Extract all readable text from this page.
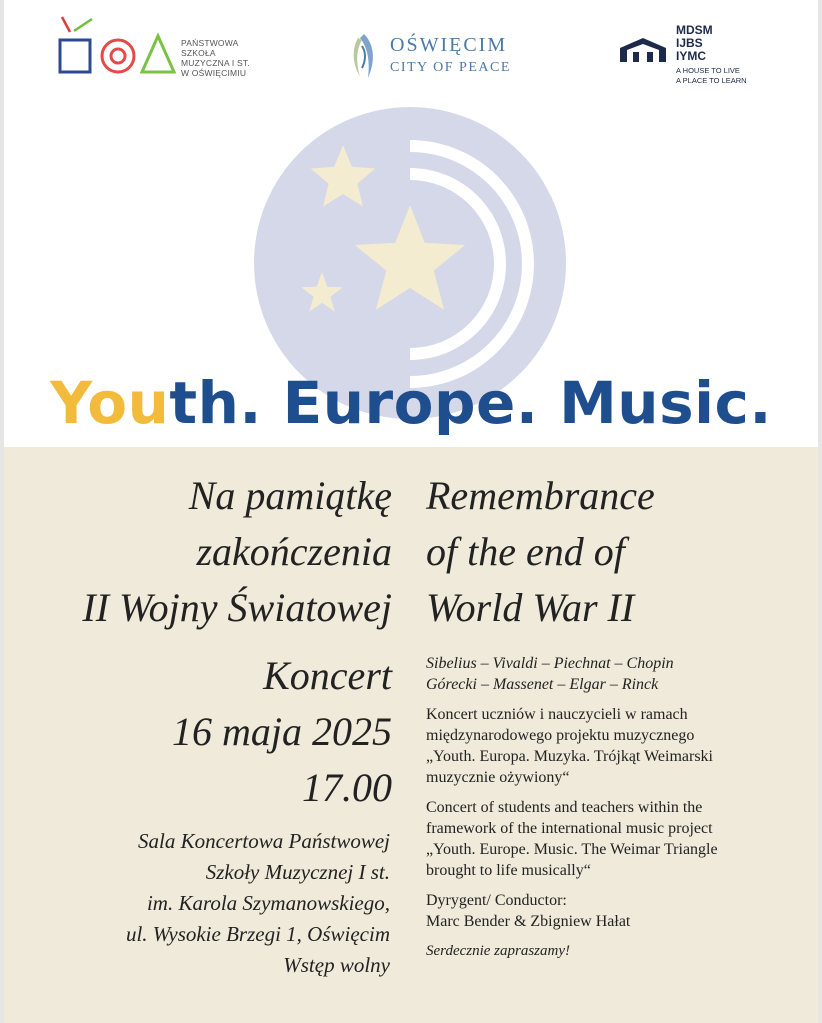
PAŃSTWOWA
SZKOŁA
MUZYCZNA I ST.
W OŚWIĘCIMIU
OŚWIĘCIM
CITY OF PEACE
MDSM
IJBS
IYMC
A HOUSE TO LIVE
A PLACE TO LEARN
Youth. Europe. Music.
Na pamiątkę
zakończenia
II Wojny Światowej
Remembrance
of the end of
World War II
Koncert
16 maja 2025
17.00
Sala Koncertowa Państwowej
Szkoły Muzycznej I st.
im. Karola Szymanowskiego,
ul. Wysokie Brzegi 1, Oświęcim
Wstęp wolny

Sibelius – Vivaldi – Piechnat – Chopin

Górecki – Massenet – Elgar – Rinck

Koncert uczniów i nauczycieli w ramach

międzynarodowego projektu muzycznego

„Youth. Europa. Muzyka. Trójkąt Weimarski

muzycznie ożywiony“

Concert of students and teachers within the

framework of the international music project

„Youth. Europe. Music. The Weimar Triangle

brought to life musically“

Dyrygent/ Conductor:

Marc Bender & Zbigniew Hałat

Serdecznie zapraszamy!
